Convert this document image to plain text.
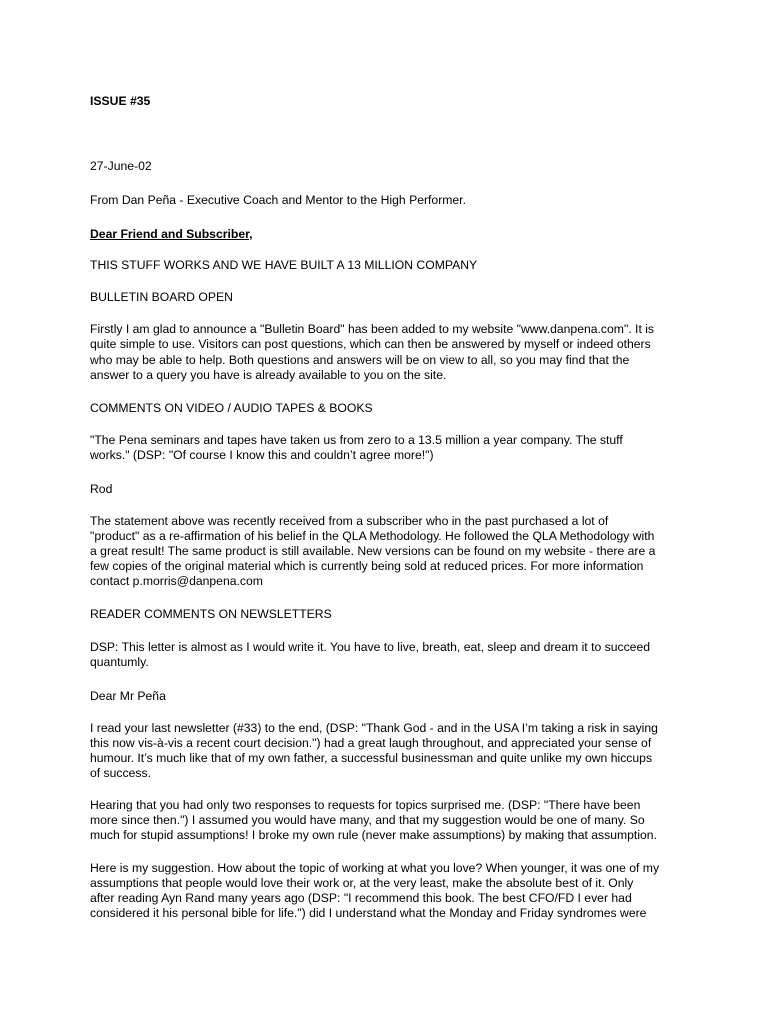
ISSUE #35
27-June-02
From Dan Peña - Executive Coach and Mentor to the High Performer.
Dear Friend and Subscriber,
THIS STUFF WORKS AND WE HAVE BUILT A 13 MILLION COMPANY
BULLETIN BOARD OPEN
Firstly I am glad to announce a "Bulletin Board" has been added to my website "www.danpena.com". It is
quite simple to use. Visitors can post questions, which can then be answered by myself or indeed others
who may be able to help. Both questions and answers will be on view to all, so you may find that the
answer to a query you have is already available to you on the site.
COMMENTS ON VIDEO / AUDIO TAPES & BOOKS
"The Pena seminars and tapes have taken us from zero to a 13.5 million a year company. The stuff
works." (DSP: "Of course I know this and couldn’t agree more!")
Rod
The statement above was recently received from a subscriber who in the past purchased a lot of
"product" as a re-affirmation of his belief in the QLA Methodology. He followed the QLA Methodology with
a great result! The same product is still available. New versions can be found on my website - there are a
few copies of the original material which is currently being sold at reduced prices. For more information
contact p.morris@danpena.com
READER COMMENTS ON NEWSLETTERS
DSP: This letter is almost as I would write it. You have to live, breath, eat, sleep and dream it to succeed
quantumly.
Dear Mr Peña
I read your last newsletter (#33) to the end, (DSP: "Thank God - and in the USA I’m taking a risk in saying
this now vis-à-vis a recent court decision.") had a great laugh throughout, and appreciated your sense of
humour. It’s much like that of my own father, a successful businessman and quite unlike my own hiccups
of success.
Hearing that you had only two responses to requests for topics surprised me. (DSP: "There have been
more since then.") I assumed you would have many, and that my suggestion would be one of many. So
much for stupid assumptions! I broke my own rule (never make assumptions) by making that assumption.
Here is my suggestion. How about the topic of working at what you love? When younger, it was one of my
assumptions that people would love their work or, at the very least, make the absolute best of it. Only
after reading Ayn Rand many years ago (DSP: "I recommend this book. The best CFO/FD I ever had
considered it his personal bible for life.") did I understand what the Monday and Friday syndromes were
